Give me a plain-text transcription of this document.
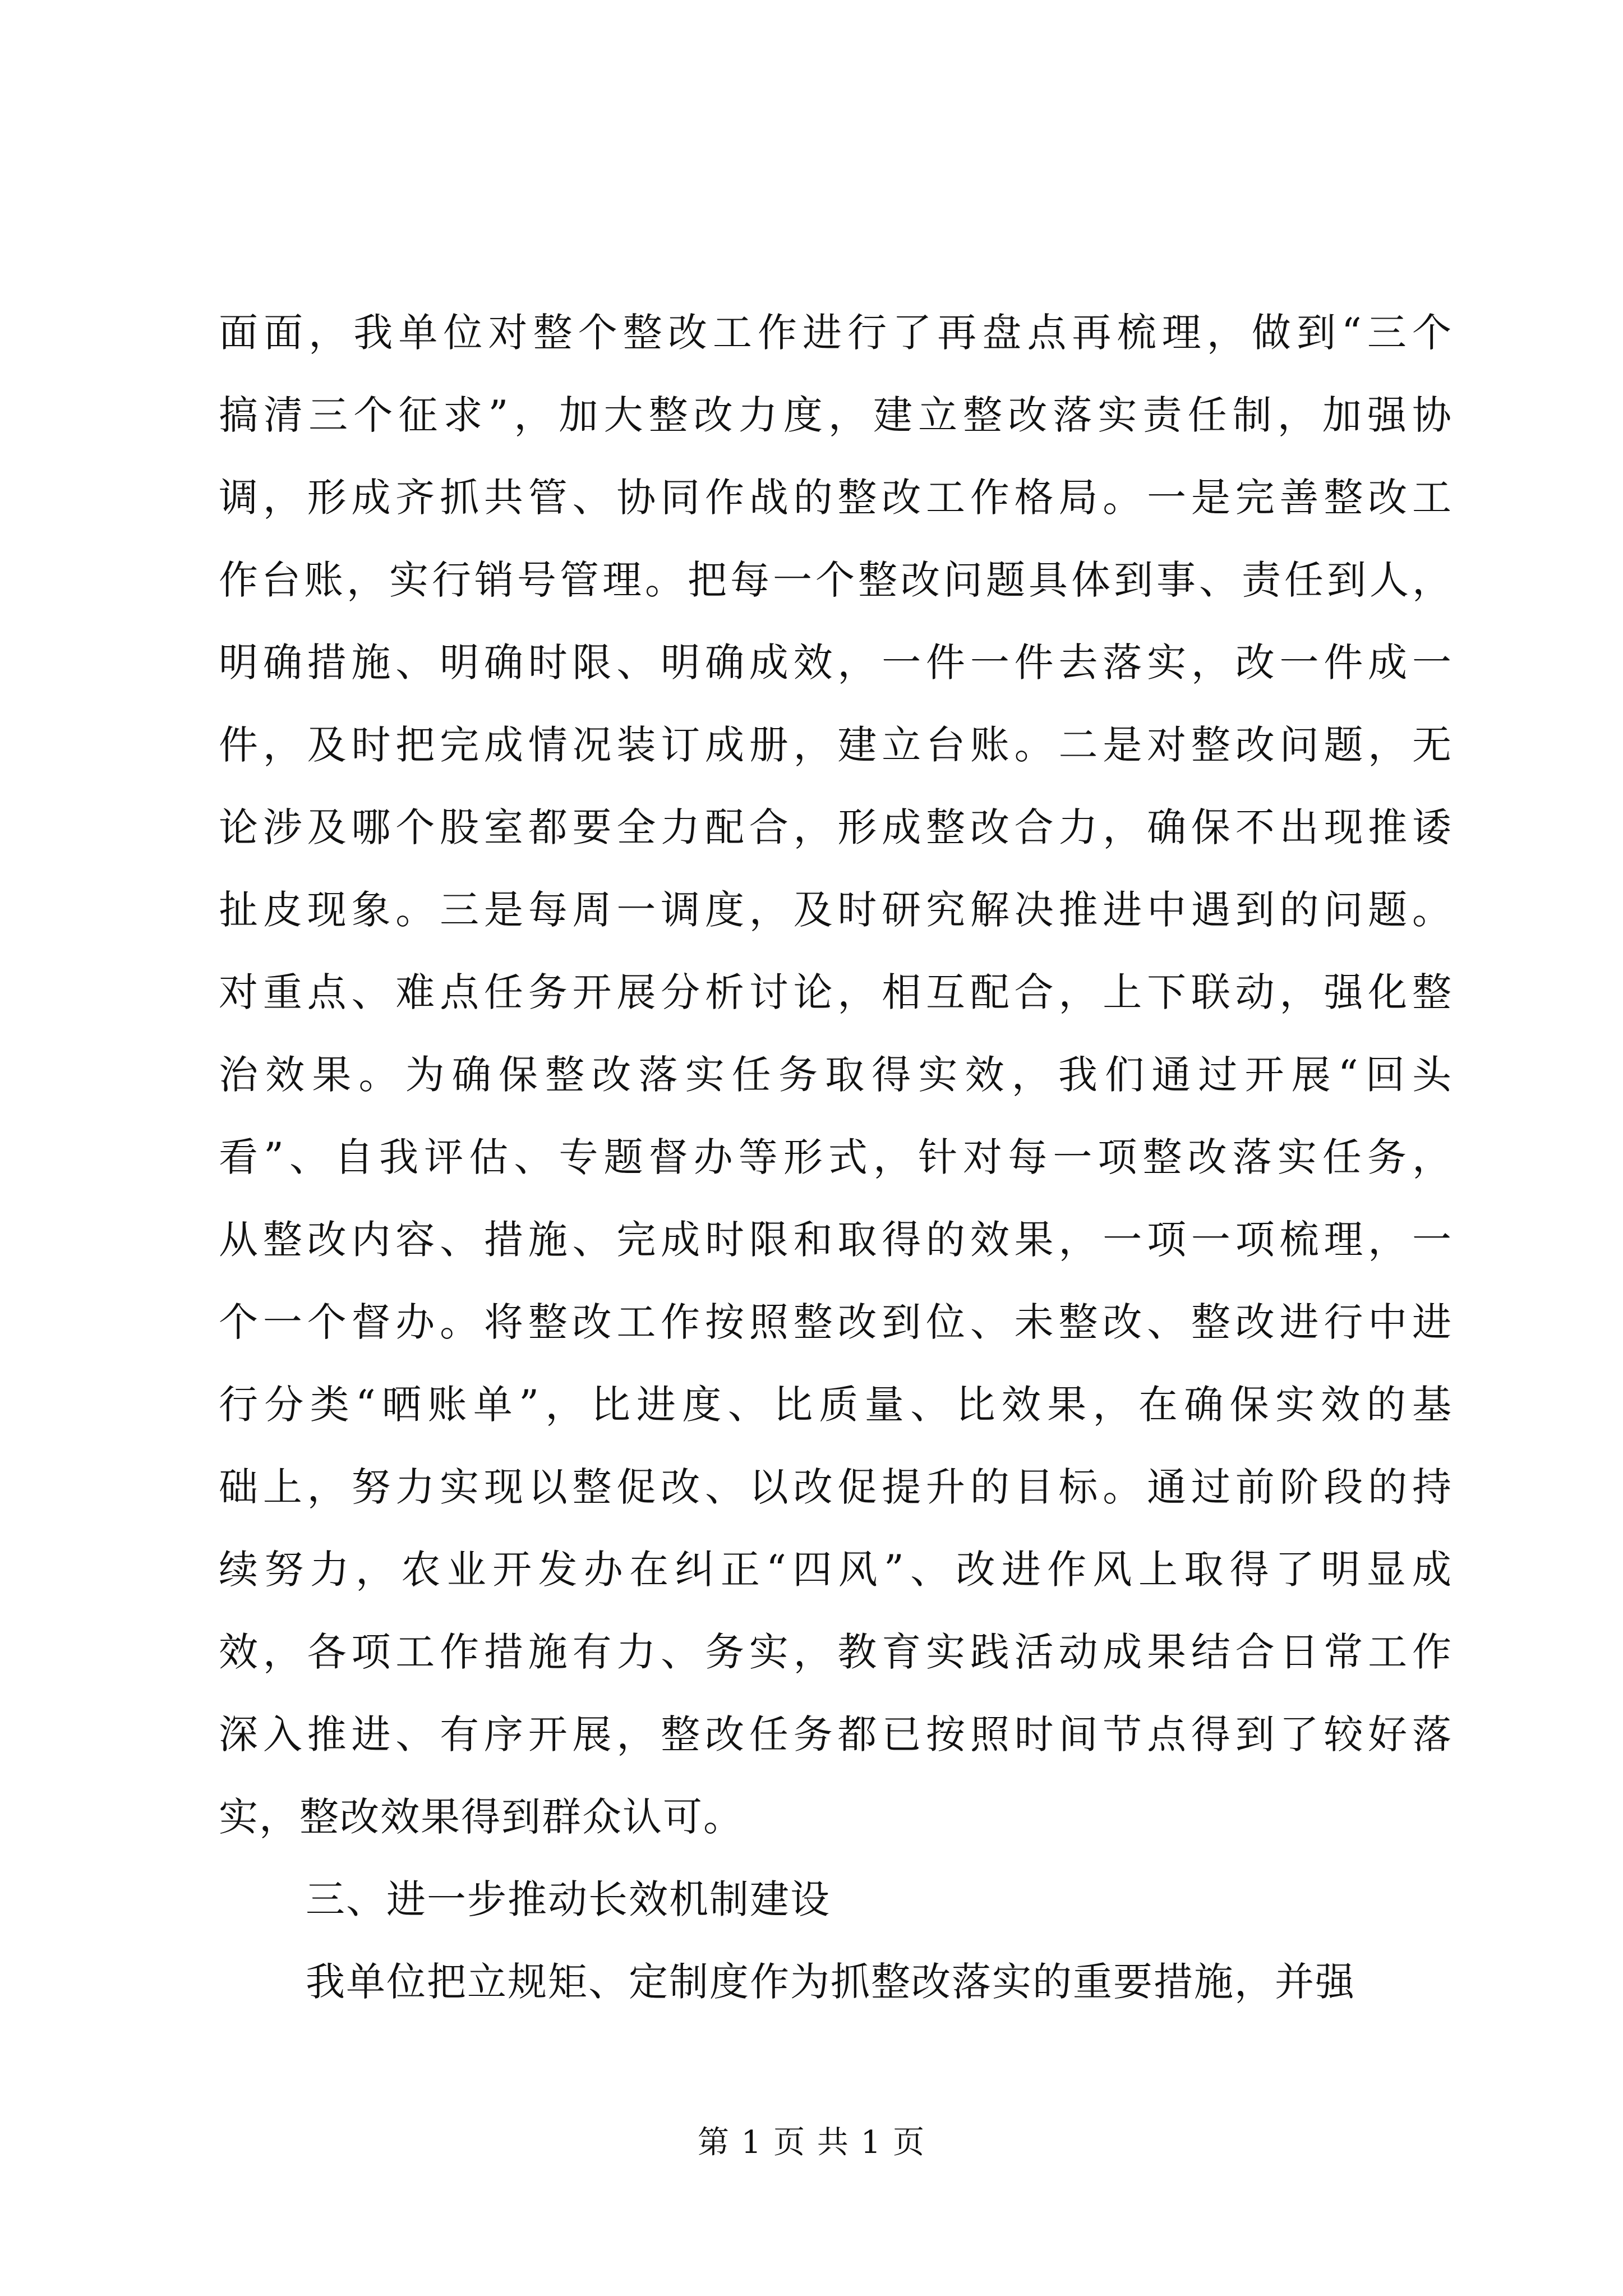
面面，我单位对整个整改工作进行了再盘点再梳理，做到“三个
搞清三个征求”，加大整改力度，建立整改落实责任制，加强协
调，形成齐抓共管、协同作战的整改工作格局。一是完善整改工
作台账，实行销号管理。把每一个整改问题具体到事、责任到人，
明确措施、明确时限、明确成效，一件一件去落实，改一件成一
件，及时把完成情况装订成册，建立台账。二是对整改问题，无
论涉及哪个股室都要全力配合，形成整改合力，确保不出现推诿
扯皮现象。三是每周一调度，及时研究解决推进中遇到的问题。
对重点、难点任务开展分析讨论，相互配合，上下联动，强化整
治效果。为确保整改落实任务取得实效，我们通过开展“回头
看”、自我评估、专题督办等形式，针对每一项整改落实任务，
从整改内容、措施、完成时限和取得的效果，一项一项梳理，一
个一个督办。将整改工作按照整改到位、未整改、整改进行中进
行分类“晒账单”，比进度、比质量、比效果，在确保实效的基
础上，努力实现以整促改、以改促提升的目标。通过前阶段的持
续努力，农业开发办在纠正“四风”、改进作风上取得了明显成
效，各项工作措施有力、务实，教育实践活动成果结合日常工作
深入推进、有序开展，整改任务都已按照时间节点得到了较好落
实，整改效果得到群众认可。
三、进一步推动长效机制建设
我单位把立规矩、定制度作为抓整改落实的重要措施，并强
第 1 页 共 1 页
